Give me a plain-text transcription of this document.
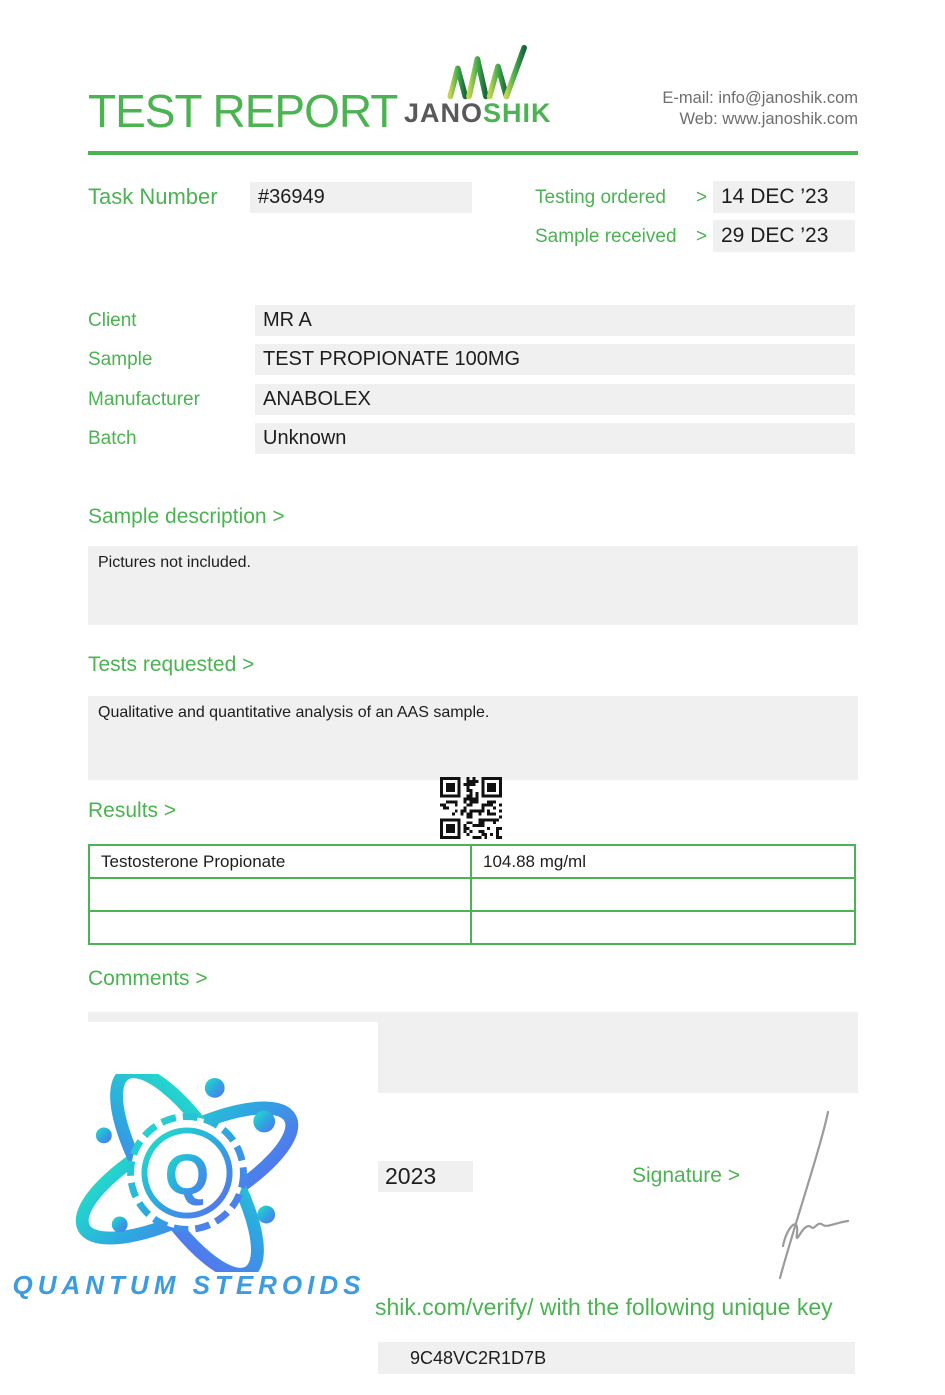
TEST REPORT JANOSHIK	E-mail: info@janoshik.com
Web: www.janoshik.com
Task Number	#36949	Testing ordered > 14 DEC ’23
Sample received > 29 DEC ’23
Client	MR A
Sample	TEST PROPIONATE 100MG
Manufacturer	ANABOLEX
Batch	Unknown
Sample description >
Pictures not included.
Tests requested >
Qualitative and quantitative analysis of an AAS sample.
Results >
Testosterone Propionate	104.88 mg/ml

Comments >
Q
QUANTUM STEROIDS
2023	Signature >
shik.com/verify/ with the following unique key
9C48VC2R1D7B
